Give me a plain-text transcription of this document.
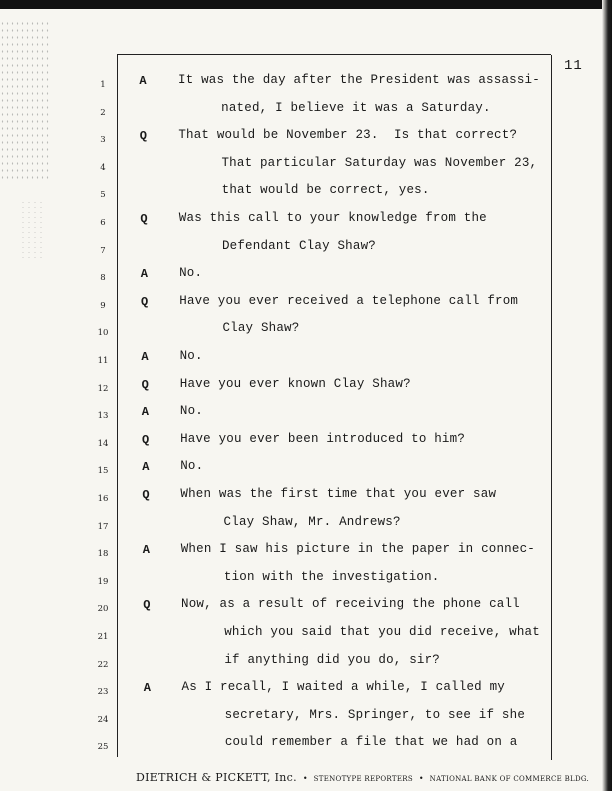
11
1	A	It was the day after the President was assassi-
2	nated, I believe it was a Saturday.
3	Q	That would be November 23.  Is that correct?
4	That particular Saturday was November 23,
5	that would be correct, yes.
6	Q Was this call to your knowledge from the
7	Defendant Clay Shaw?
8	A No.
9	Q Have you ever received a telephone call from
10	Clay Shaw?
11	A No.
12	Q Have you ever known Clay Shaw?
13	A No.
14	Q Have you ever been introduced to him?
15	A No.
16	Q When was the first time that you ever saw
17	Clay Shaw, Mr. Andrews?
18	A When I saw his picture in the paper in connec-
19	tion with the investigation.
20	Q Now, as a result of receiving the phone call
21	which you said that you did receive, what
22	if anything did you do, sir?
23	A As I recall, I waited a while, I called my
24	secretary, Mrs. Springer, to see if she
25	could remember a file that we had on a
DIETRICH & PICKETT, Inc. • STENOTYPE REPORTERS • NATIONAL BANK OF COMMERCE BLDG.
